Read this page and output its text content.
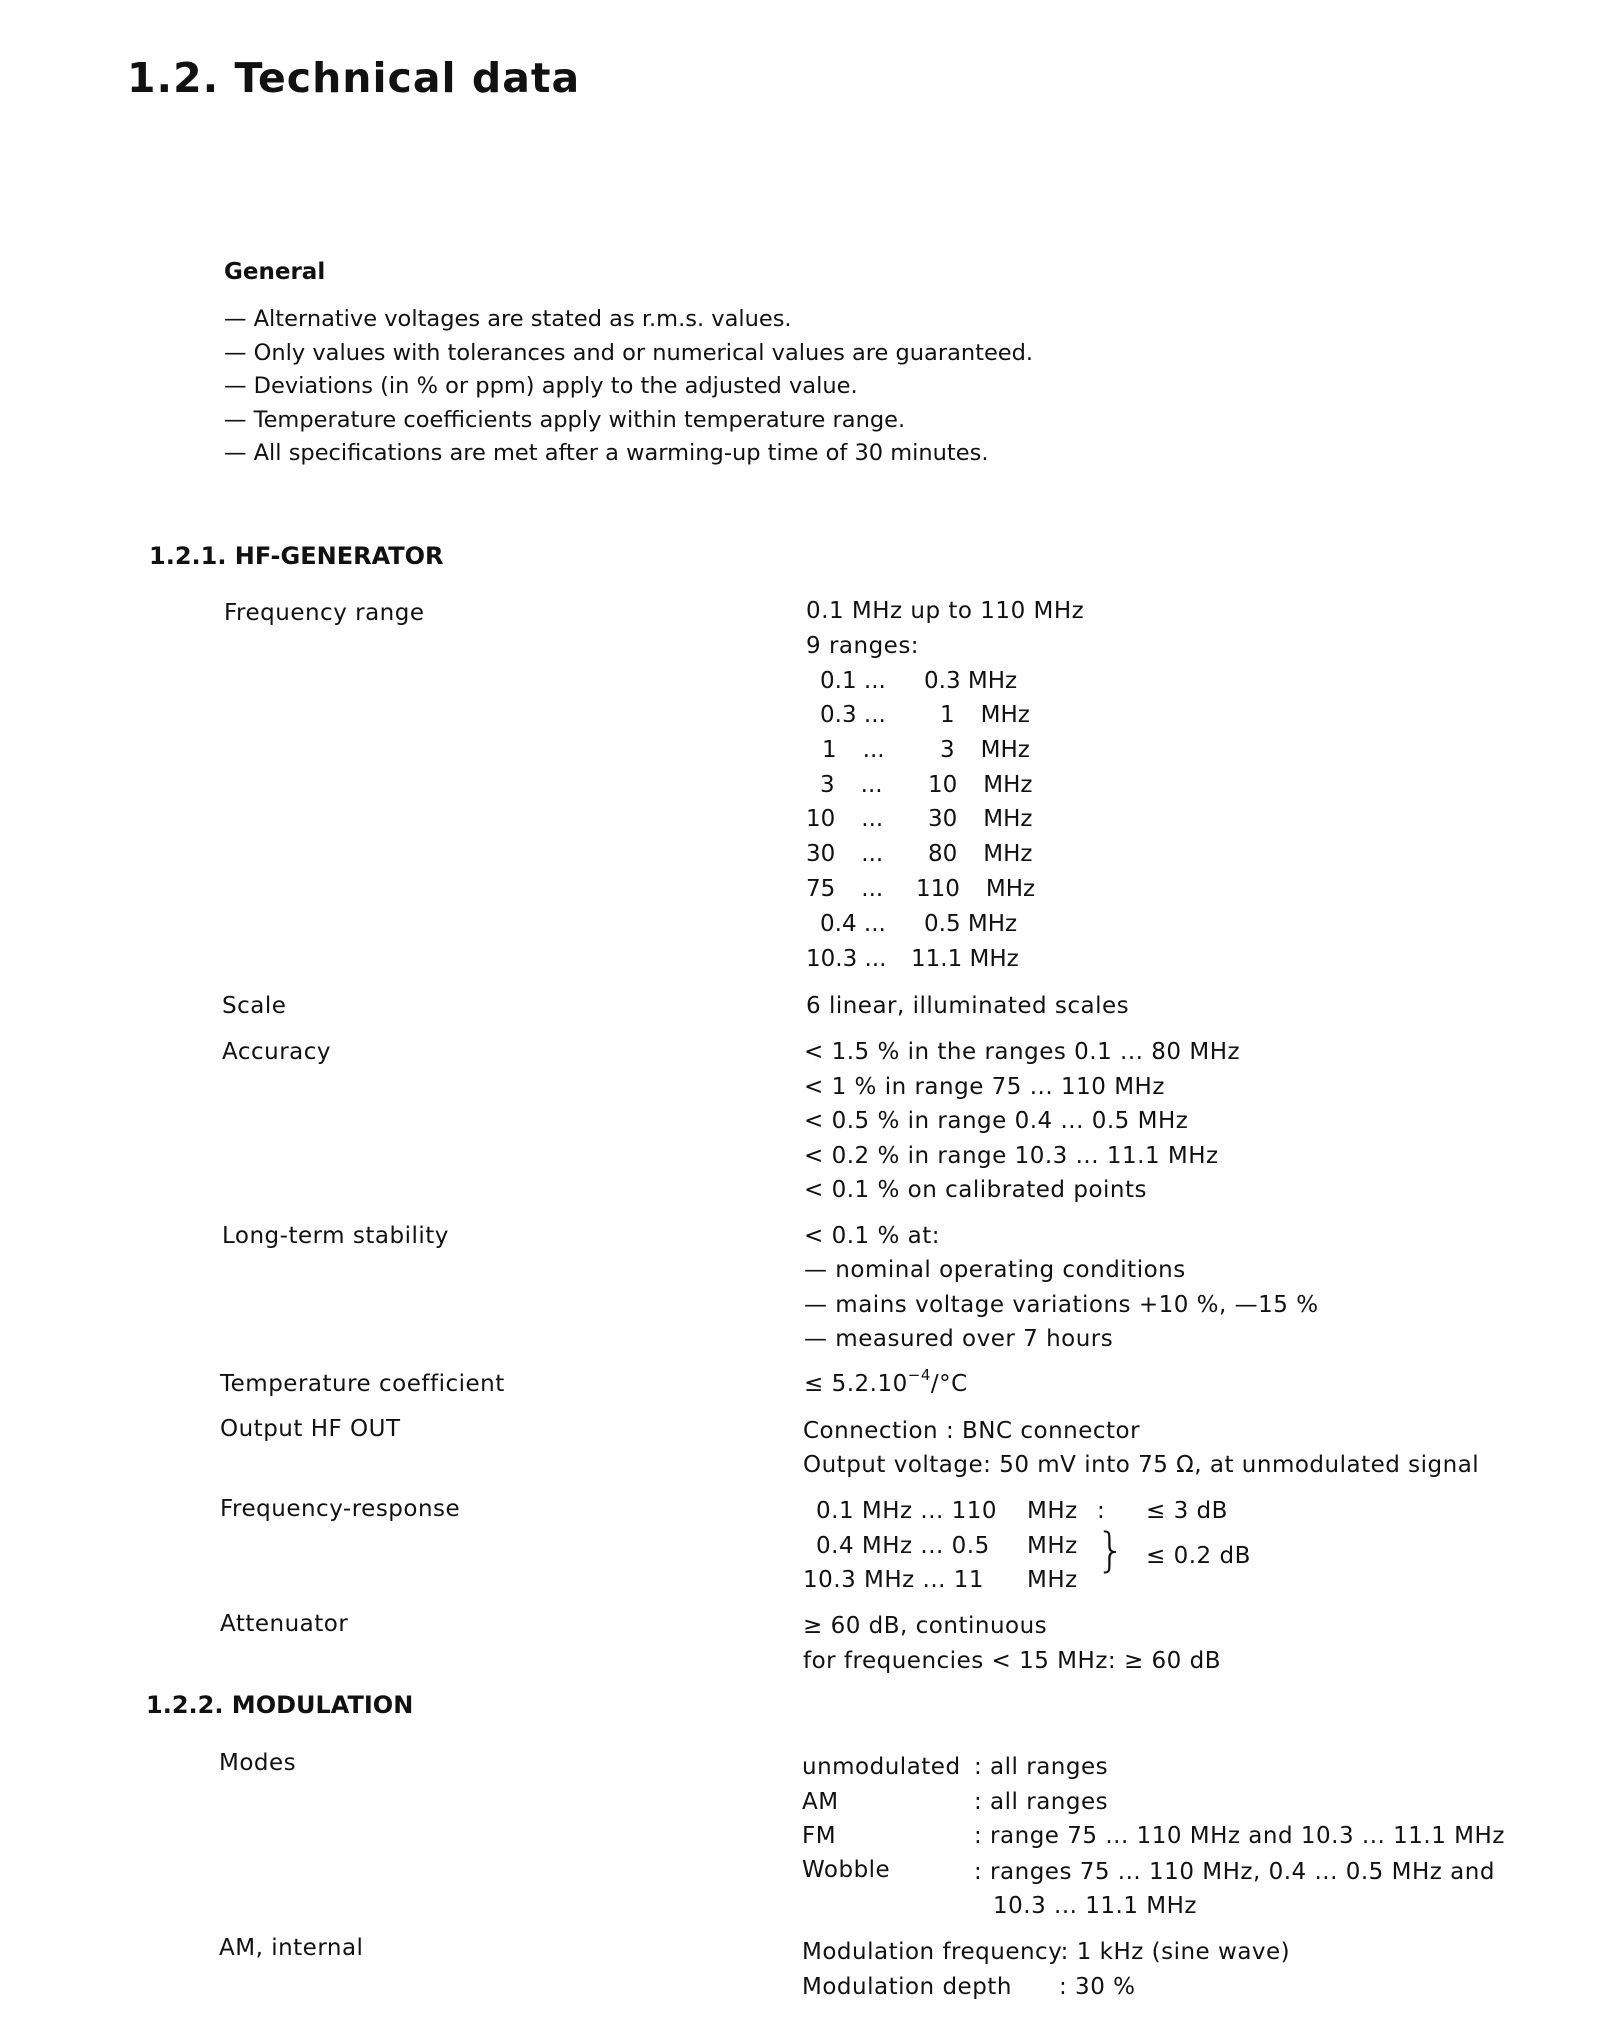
1.2. Technical data
General
— Alternative voltages are stated as r.m.s. values.
— Only values with tolerances and or numerical values are guaranteed.
— Deviations (in % or ppm) apply to the adjusted value.
— Temperature coefficients apply within temperature range.
— All specifications are met after a warming-up time of 30 minutes.
1.2.1. HF-GENERATOR
Frequency range	0.1 MHz up to 110 MHz
9 ranges:
0.1 ... 0.3 MHz
0.3 ...	1 MHz
1 ...	3 MHz
3 ... 10 MHz
10 ... 30 MHz
30 ... 80 MHz
75 ... 110 MHz
0.4 ... 0.5 MHz
10.3 ... 11.1 MHz
Scale	6 linear, illuminated scales
Accuracy	< 1.5 % in the ranges 0.1 ... 80 MHz
< 1 % in range 75 ... 110 MHz
< 0.5 % in range 0.4 ... 0.5 MHz
< 0.2 % in range 10.3 ... 11.1 MHz
< 0.1 % on calibrated points
Long-term stability	< 0.1 % at:
— nominal operating conditions
— mains voltage variations +10 %, —15 %
— measured over 7 hours
Temperature coefficient	≤ $5.2.10^{-4}/^\circ C$
Output HF OUT	Connection : BNC connector
Output voltage: 50 mV into 75 Ω, at unmodulated signal
Frequency-response	0.1 MHz ... 110 MHz : ≤ 3 dB
0.4 MHz ... 0.5 MHz
10.3 MHz ... 11 MHz
} ≤ 0.2 dB
Attenuator	≥ 60 dB, continuous
for frequencies < 15 MHz: ≥ 60 dB
1.2.2. MODULATION
Modes	unmodulated : all ranges
AM	: all ranges
FM	: range 75 ... 110 MHz and 10.3 ... 11.1 MHz
Wobble	: ranges 75 ... 110 MHz, 0.4 ... 0.5 MHz and
10.3 ... 11.1 MHz
AM, internal	Modulation frequency: 1 kHz (sine wave)
Modulation depth : 30 %
